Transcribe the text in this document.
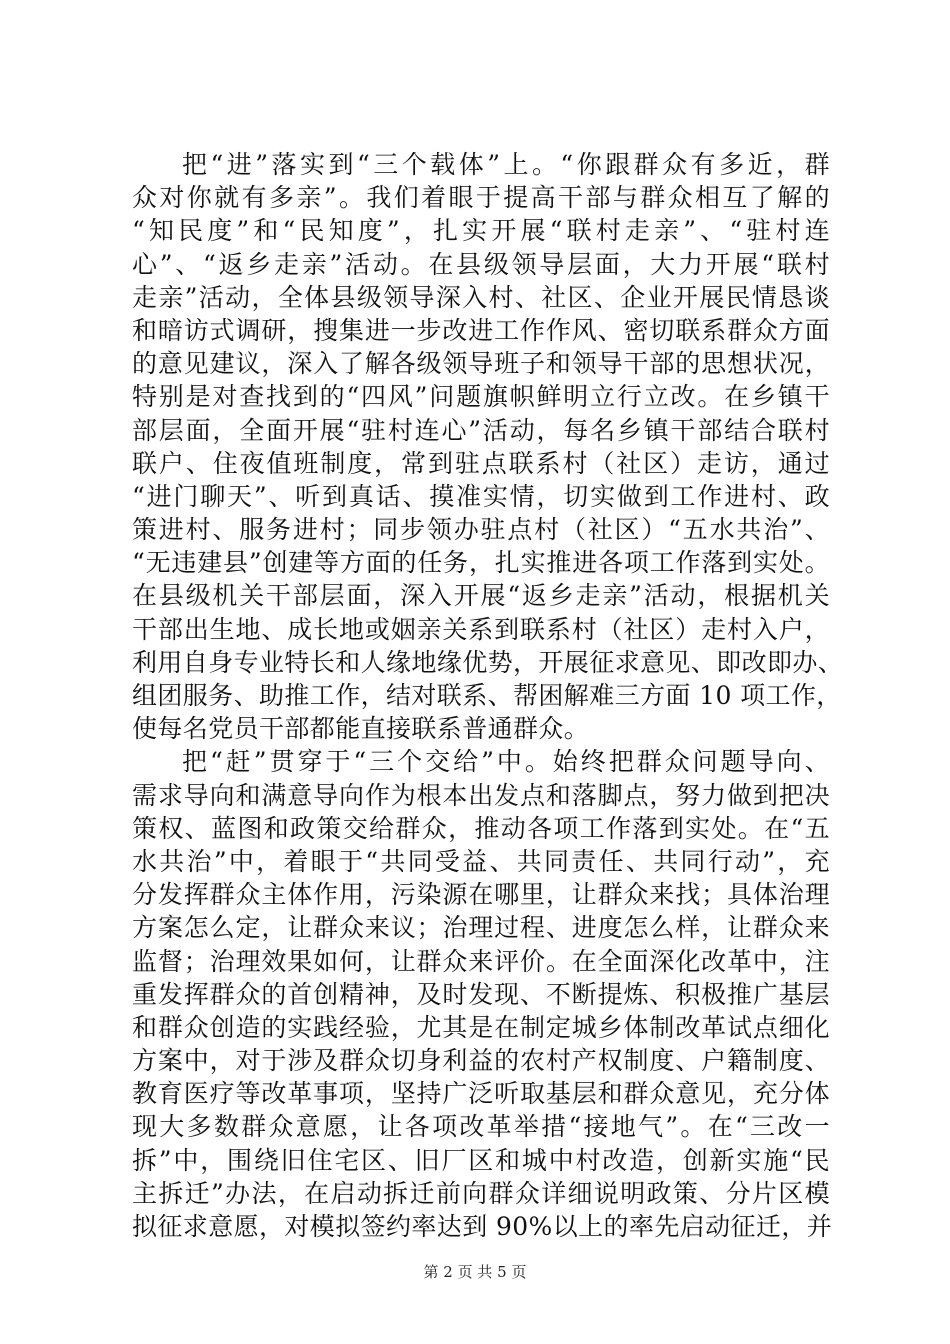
把“进”落实到“三个载体”上。“你跟群众有多近，群
众对你就有多亲”。我们着眼于提高干部与群众相互了解的
“知民度”和“民知度”，扎实开展“联村走亲”、“驻村连
心”、“返乡走亲”活动。在县级领导层面，大力开展“联村
走亲”活动，全体县级领导深入村、社区、企业开展民情恳谈
和暗访式调研，搜集进一步改进工作作风、密切联系群众方面
的意见建议，深入了解各级领导班子和领导干部的思想状况，
特别是对查找到的“四风”问题旗帜鲜明立行立改。在乡镇干
部层面，全面开展“驻村连心”活动，每名乡镇干部结合联村
联户、住夜值班制度，常到驻点联系村（社区）走访，通过
“进门聊天”、听到真话、摸准实情，切实做到工作进村、政
策进村、服务进村；同步领办驻点村（社区）“五水共治”、
“无违建县”创建等方面的任务，扎实推进各项工作落到实处。
在县级机关干部层面，深入开展“返乡走亲”活动，根据机关
干部出生地、成长地或姻亲关系到联系村（社区）走村入户，
利用自身专业特长和人缘地缘优势，开展征求意见、即改即办、
组团服务、助推工作，结对联系、帮困解难三方面 10 项工作，
使每名党员干部都能直接联系普通群众。
把“赶”贯穿于“三个交给”中。始终把群众问题导向、
需求导向和满意导向作为根本出发点和落脚点，努力做到把决
策权、蓝图和政策交给群众，推动各项工作落到实处。在“五
水共治”中，着眼于“共同受益、共同责任、共同行动”，充
分发挥群众主体作用，污染源在哪里，让群众来找；具体治理
方案怎么定，让群众来议；治理过程、进度怎么样，让群众来
监督；治理效果如何，让群众来评价。在全面深化改革中，注
重发挥群众的首创精神，及时发现、不断提炼、积极推广基层
和群众创造的实践经验，尤其是在制定城乡体制改革试点细化
方案中，对于涉及群众切身利益的农村产权制度、户籍制度、
教育医疗等改革事项，坚持广泛听取基层和群众意见，充分体
现大多数群众意愿，让各项改革举措“接地气”。在“三改一
拆”中，围绕旧住宅区、旧厂区和城中村改造，创新实施“民
主拆迁”办法，在启动拆迁前向群众详细说明政策、分片区模
拟征求意愿，对模拟签约率达到 90%以上的率先启动征迁，并
第 2 页 共 5 页
